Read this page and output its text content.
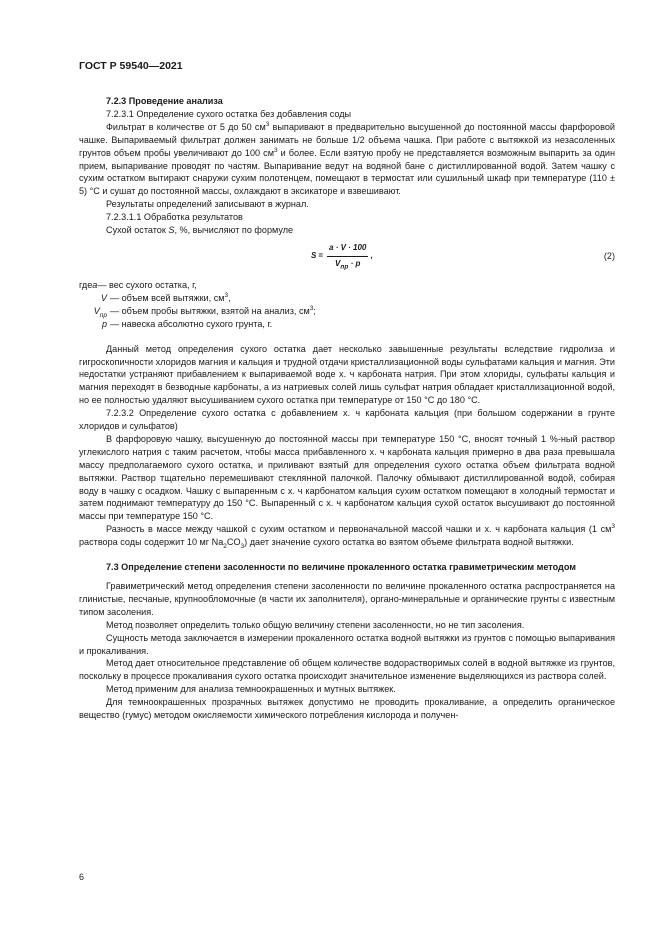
ГОСТ Р 59540—2021

7.2.3 Проведение анализа

7.2.3.1 Определение сухого остатка без добавления соды

Фильтрат в количестве от 5 до 50 $см^3$ выпаривают в предварительно высушенной до постоянной массы фарфоровой чашке. Выпариваемый фильтрат должен занимать не больше 1/2 объема чашка. При работе с вытяжкой из незасоленных грунтов объем пробы увеличивают до 100 $см^3$ и более. Если взятую пробу не представляется возможным выпарить за один прием, выпаривание проводят по частям. Выпаривание ведут на водяной бане с дистиллированной водой. Затем чашку с сухим остатком вытирают снаружи сухим полотенцем, помещают в термостат или сушильный шкаф при температуре (110 ± 5) °С и сушат до постоянной массы, охлаждают в эксикаторе и взвешивают.

Результаты определений записывают в журнал.

7.2.3.1.1 Обработка результатов

Сухой остаток S, %, вычисляют по формуле

$S = \frac{a \cdot V \cdot 100}{V_{пр} \cdot p}$ ,	(2)
где a — вес сухого остатка, г,
V — объем всей вытяжки, $см^3$,
$V_{пр}$ — объем пробы вытяжки, взятой на анализ, $см^3$;
p — навеска абсолютно сухого грунта, г.

Данный метод определения сухого остатка дает несколько завышенные результаты вследствие гидролиза и гигроскопичности хлоридов магния и кальция и трудной отдачи кристаллизационной воды сульфатами кальция и магния. Эти недостатки устраняют прибавлением к выпариваемой воде х. ч карбоната натрия. При этом хлориды, сульфаты кальция и магния переходят в безводные карбонаты, а из натриевых солей лишь сульфат натрия обладает кристаллизационной водой, но ее полностью удаляют высушиванием сухого остатка при температуре от 150 °С до 180 °С.

7.2.3.2 Определение сухого остатка с добавлением х. ч карбоната кальция (при большом содержании в грунте хлоридов и сульфатов)

В фарфоровую чашку, высушенную до постоянной массы при температуре 150 °С, вносят точный 1 %-ный раствор углекислого натрия с таким расчетом, чтобы масса прибавленного х. ч карбоната кальция примерно в два раза превышала массу предполагаемого сухого остатка, и приливают взятый для определения сухого остатка объем фильтрата водной вытяжки. Раствор тщательно перемешивают стеклянной палочкой. Палочку обмывают дистиллированной водой, собирая воду в чашку с осадком. Чашку с выпаренным с х. ч карбонатом кальция сухим остатком помещают в холодный термостат и затем поднимают температуру до 150 °С. Выпаренный с х. ч карбонатом кальция сухой остаток высушивают до постоянной массы при температуре 150 °С.

Разность в массе между чашкой с сухим остатком и первоначальной массой чашки и х. ч карбоната кальция (1 $см^3$ раствора соды содержит 10 мг $Na_2CO_3$) дает значение сухого остатка во взятом объеме фильтрата водной вытяжки.

7.3 Определение степени засоленности по величине прокаленного остатка гравиметрическим методом

Гравиметрический метод определения степени засоленности по величине прокаленного остатка распространяется на глинистые, песчаные, крупнообломочные (в части их заполнителя), органо-минеральные и органические грунты с известным типом засоления.

Метод позволяет определить только общую величину степени засоленности, но не тип засоления.

Сущность метода заключается в измерении прокаленного остатка водной вытяжки из грунтов с помощью выпаривания и прокаливания.

Метод дает относительное представление об общем количестве водорастворимых солей в водной вытяжке из грунтов, поскольку в процессе прокаливания сухого остатка происходит значительное изменение выделяющихся из раствора солей.

Метод применим для анализа темноокрашенных и мутных вытяжек.

Для темноокрашенных прозрачных вытяжек допустимо не проводить прокаливание, а определить органическое вещество (гумус) методом окисляемости химического потребления кислорода и получен-

6
